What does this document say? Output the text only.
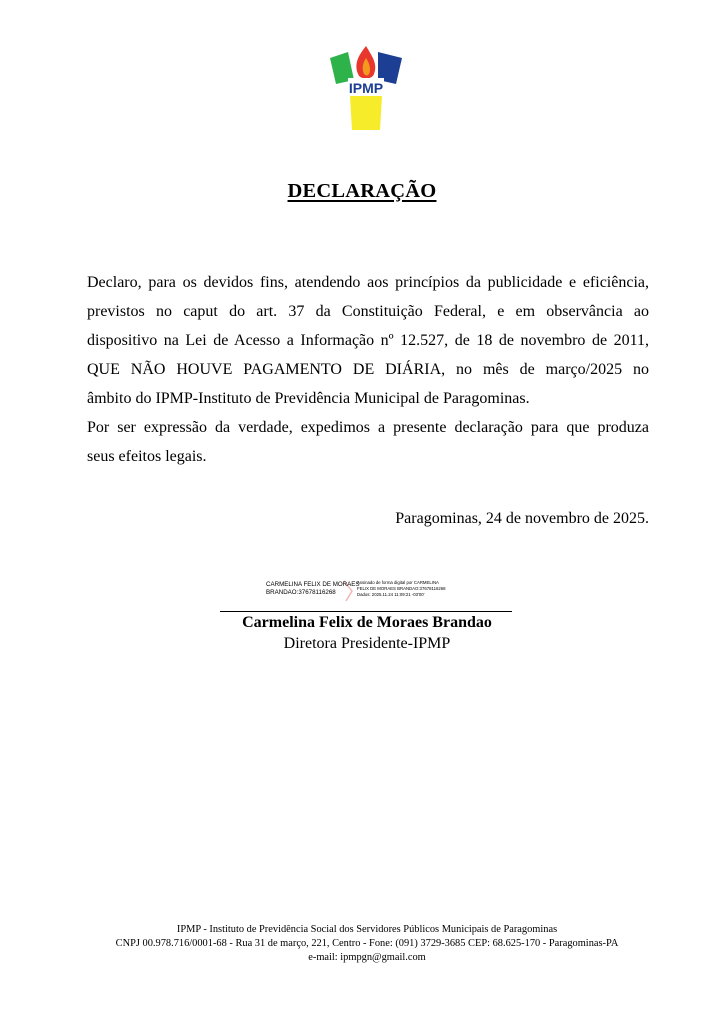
IPMP
DECLARAÇÃO
Declaro, para os devidos fins, atendendo aos princípios da publicidade e eficiência,
previstos no caput do art. 37 da Constituição Federal, e em observância ao
dispositivo na Lei de Acesso a Informação nº 12.527, de 18 de novembro de 2011,
QUE NÃO HOUVE PAGAMENTO DE DIÁRIA, no mês de março/2025 no
âmbito do IPMP-Instituto de Previdência Municipal de Paragominas.
Por ser expressão da verdade, expedimos a presente declaração para que produza
seus efeitos legais.
Paragominas, 24 de novembro de 2025.
CARMELINA FELIX DE MORAES
BRANDAO:37678116268
Assinado de forma digital por CARMELINA
FELIX DE MORAES BRANDAO:37678116268
Dados: 2025.11.24 11:09:21 -03'00'
Carmelina Felix de Moraes Brandao
Diretora Presidente-IPMP
IPMP - Instituto de Previdência Social dos Servidores Públicos Municipais de Paragominas
CNPJ 00.978.716/0001-68 - Rua 31 de março, 221, Centro - Fone: (091) 3729-3685 CEP: 68.625-170 - Paragominas-PA
e-mail: ipmpgn@gmail.com
